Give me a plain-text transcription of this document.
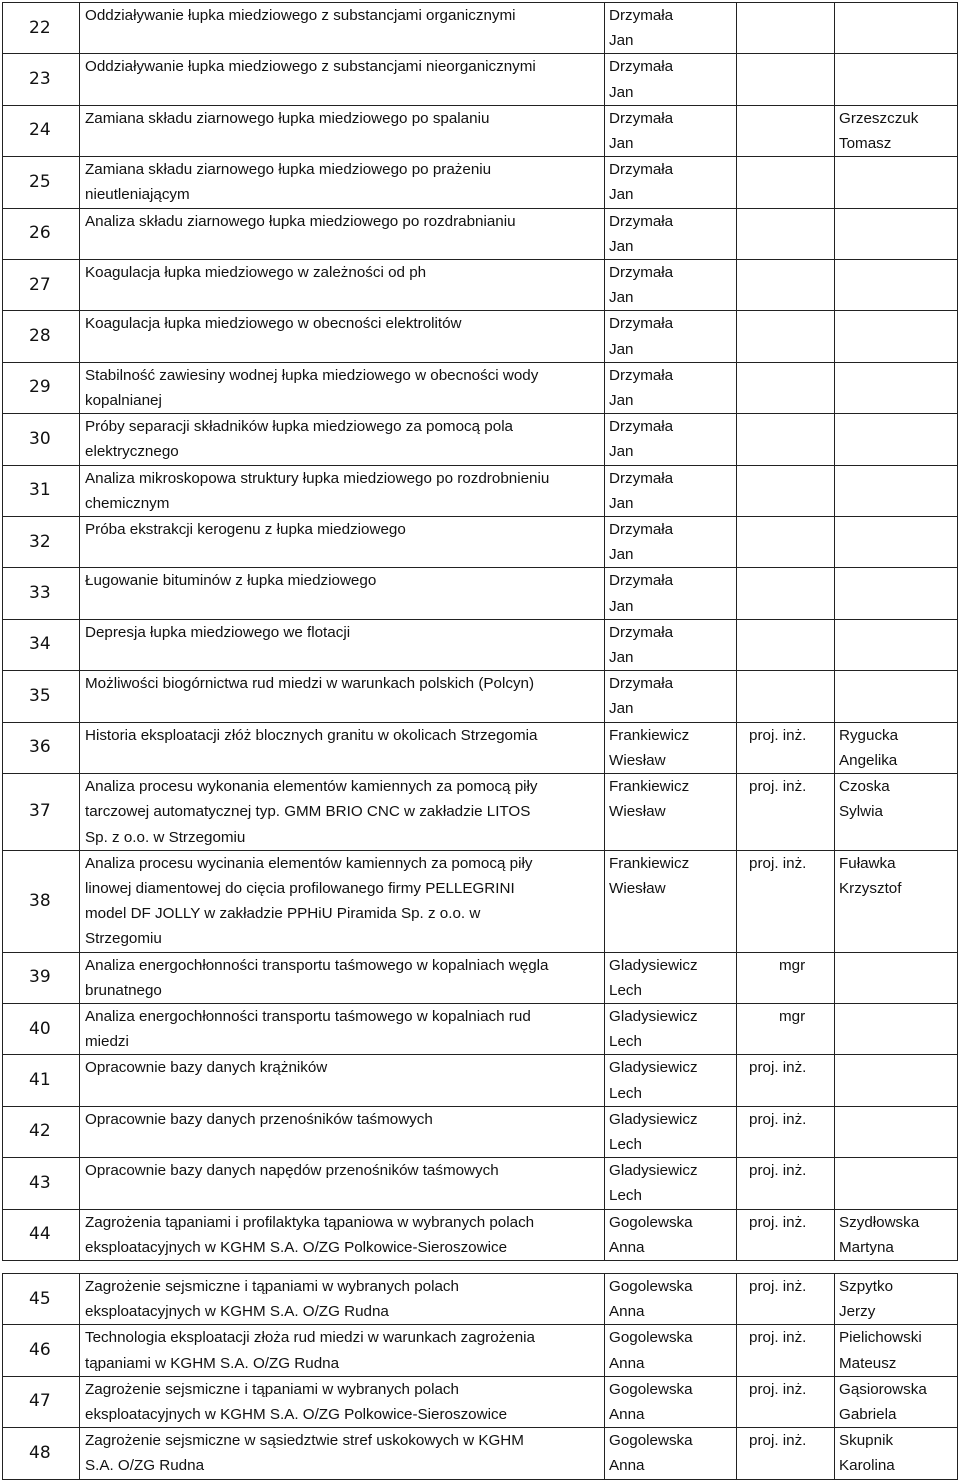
22	Oddziaływanie łupka miedziowego z substancjami organicznymi	Drzymała
Jan		

23	Oddziaływanie łupka miedziowego z substancjami nieorganicznymi	Drzymała
Jan		

24	Zamiana składu ziarnowego łupka miedziowego po spalaniu	Drzymała
Jan		Grzeszczuk
Tomasz

25	Zamiana składu ziarnowego łupka miedziowego po prażeniu
nieutleniającym	Drzymała
Jan		

26	Analiza składu ziarnowego łupka miedziowego po rozdrabnianiu	Drzymała
Jan		

27	Koagulacja łupka miedziowego w zależności od ph	Drzymała
Jan		

28	Koagulacja łupka miedziowego w obecności elektrolitów	Drzymała
Jan		

29	Stabilność zawiesiny wodnej łupka miedziowego w obecności wody
kopalnianej	Drzymała
Jan		

30	Próby separacji składników łupka miedziowego za pomocą pola
elektrycznego	Drzymała
Jan		

31	Analiza mikroskopowa struktury łupka miedziowego po rozdrobnieniu
chemicznym	Drzymała
Jan		

32	Próba ekstrakcji kerogenu z łupka miedziowego	Drzymała
Jan		

33	Ługowanie bituminów z łupka miedziowego	Drzymała
Jan		

34	Depresja łupka miedziowego we flotacji	Drzymała
Jan		

35	Możliwości biogórnictwa rud miedzi w warunkach polskich (Polcyn)	Drzymała
Jan		

36	Historia eksploatacji złóż blocznych granitu w okolicach Strzegomia	Frankiewicz
Wiesław	proj. inż.	Rygucka
Angelika

37	Analiza procesu wykonania elementów kamiennych za pomocą piły
tarczowej automatycznej typ. GMM BRIO CNC w zakładzie LITOS
Sp. z o.o. w Strzegomiu	Frankiewicz
Wiesław	proj. inż.	Czoska
Sylwia

38	Analiza procesu wycinania elementów kamiennych za pomocą piły
linowej diamentowej do cięcia profilowanego firmy PELLEGRINI
model DF JOLLY w zakładzie PPHiU Piramida Sp. z o.o. w
Strzegomiu	Frankiewicz
Wiesław	proj. inż.	Fuławka
Krzysztof

39	Analiza energochłonności transportu taśmowego w kopalniach węgla
brunatnego	Gladysiewicz
Lech	mgr	

40	Analiza energochłonności transportu taśmowego w kopalniach rud
miedzi	Gladysiewicz
Lech	mgr	

41	Opracownie bazy danych krążników	Gladysiewicz
Lech	proj. inż.	

42	Opracownie bazy danych przenośników taśmowych	Gladysiewicz
Lech	proj. inż.	

43	Opracownie bazy danych napędów przenośników taśmowych	Gladysiewicz
Lech	proj. inż.	

44	Zagrożenia tąpaniami i profilaktyka tąpaniowa w wybranych polach
eksploatacyjnych w KGHM S.A. O/ZG Polkowice-Sieroszowice	Gogolewska
Anna	proj. inż.	Szydłowska
Martyna

45	Zagrożenie sejsmiczne i tąpaniami w wybranych polach
eksploatacyjnych w KGHM S.A. O/ZG Rudna	Gogolewska
Anna	proj. inż.	Szpytko
Jerzy

46	Technologia eksploatacji złoża rud miedzi w warunkach zagrożenia
tąpaniami w KGHM S.A. O/ZG Rudna	Gogolewska
Anna	proj. inż.	Pielichowski
Mateusz

47	Zagrożenie sejsmiczne i tąpaniami w wybranych polach
eksploatacyjnych w KGHM S.A. O/ZG Polkowice-Sieroszowice	Gogolewska
Anna	proj. inż.	Gąsiorowska
Gabriela

48	Zagrożenie sejsmiczne w sąsiedztwie stref uskokowych w KGHM
S.A. O/ZG Rudna	Gogolewska
Anna	proj. inż.	Skupnik
Karolina
